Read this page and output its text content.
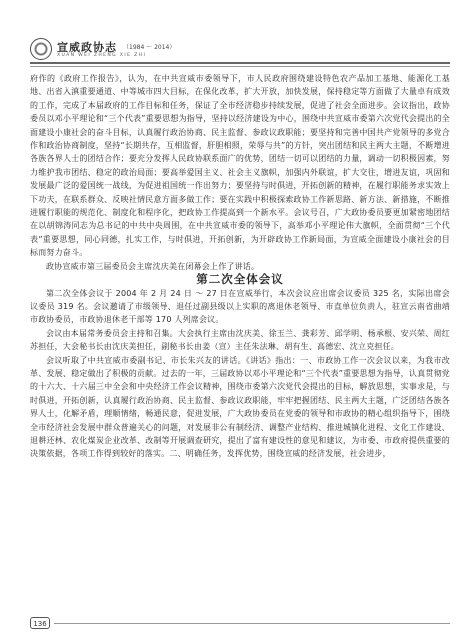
宣威政协志 （1984 ～ 2014）
XUAN WEI ZHENG XIE ZHI

府作的《政府工作报告》，认为，在中共宣威市委领导下，市人民政府围绕建设特色农产品加工基地、能源化工基地、出省入滇重要通道、中等城市四大目标，在保化改革，扩大开放，加快发展，保持稳定等方面做了大量卓有成效的工作，完成了本届政府的工作目标和任务，保证了全市经济稳步持续发展，促进了社会全面进步。会议指出，政协委员以邓小平理论和“三个代表”重要思想为指导，坚持以经济建设为中心，围绕中共宣威市委第六次党代会提出的全面建设小康社会的奋斗目标，认真履行政治协商、民主监督、参政议政职能；要坚持和完善中国共产党领导的多党合作和政治协商制度，坚持“长期共存，互相监督，肝胆相照，荣辱与共”的方针，突出团结和民主两大主题，不断增进各族各界人士的团结合作；要充分发挥人民政协联系面广的优势，团结一切可以团结的力量，调动一切积极因素，努力维护我市团结、稳定的政治局面；要高举爱国主义、社会主义旗帜，加强内外联谊，扩大交往，增进友谊，巩固和发展最广泛的爱国统一战线，为促进祖国统一作出努力；要坚持与时俱进，开拓创新的精神，在履行职能务求实效上下功夫，在联系群众、反映社情民意方面多做工作；要在实践中积极探索政协工作新思路、新方法、新措施，不断推进履行职能的规范化、制度化和程序化，把政协工作提高到一个新水平。会议号召，广大政协委员要更加紧密地团结在以胡锦涛同志为总书记的中共中央周围，在中共宣威市委的领导下，高举邓小平理论伟大旗帜，全面贯彻“三个代表”重要思想，同心同德，扎实工作，与时俱进，开拓创新，为开辟政协工作新局面，为宣威全面建设小康社会的目标而努力奋斗。

政协宣威市第三届委员会主席沈庆美在闭幕会上作了讲话。

第二次全体会议

第二次全体会议于 2004 年 2 月 24 日 ～ 27 日在宣威举行，本次会议应出席会议委员 325 名，实际出席会议委员 319 名。会议邀请了市级领导、退任过副县级以上实职的离退休老领导、市直单位负责人，驻宣云南省曲靖市政协委员，市政协退休老干部等 170 人列席会议。

会议由本届常务委员会主持和召集。大会执行主席由沈庆美、徐玉兰、龚彩芳、邱学明、杨承根、安兴荣、周红苏担任，大会秘书长由沈庆美担任，副秘书长由姜（宣）主任朱法琳、胡有生、高德宏、沈立克担任。

会议听取了中共宣威市委副书记、市长朱兴友的讲话。《讲话》指出：一、市政协工作一次会议以来，为我市改革、发展、稳定做出了积极的贡献。过去的一年，三届政协以邓小平理论和“三个代表”重要思想为指导，认真贯彻党的十六大、十六届三中全会和中央经济工作会议精神，围绕市委第六次党代会提出的目标，解放思想，实事求是，与时俱进，开拓创新，认真履行政治协商、民主监督、参政议政职能，牢牢把握团结、民主两大主题，广泛团结各族各界人士，化解矛盾，理顺情绪，畅通民意，促进发展，广大政协委员在党委的领导和市政协的精心组织指导下，围绕全市经济社会发展中群众普遍关心的问题，对发展非公有制经济、调整产业结构、推进城镇化进程、文化工作建设、退耕还林、农化煤炭企业改革、改制等开展调查研究，提出了富有建设性的意见和建议，为市委、市政府提供重要的决策依据，各项工作得到较好的落实。二、明确任务，发挥优势，围绕宣威的经济发展，社会进步，

136
